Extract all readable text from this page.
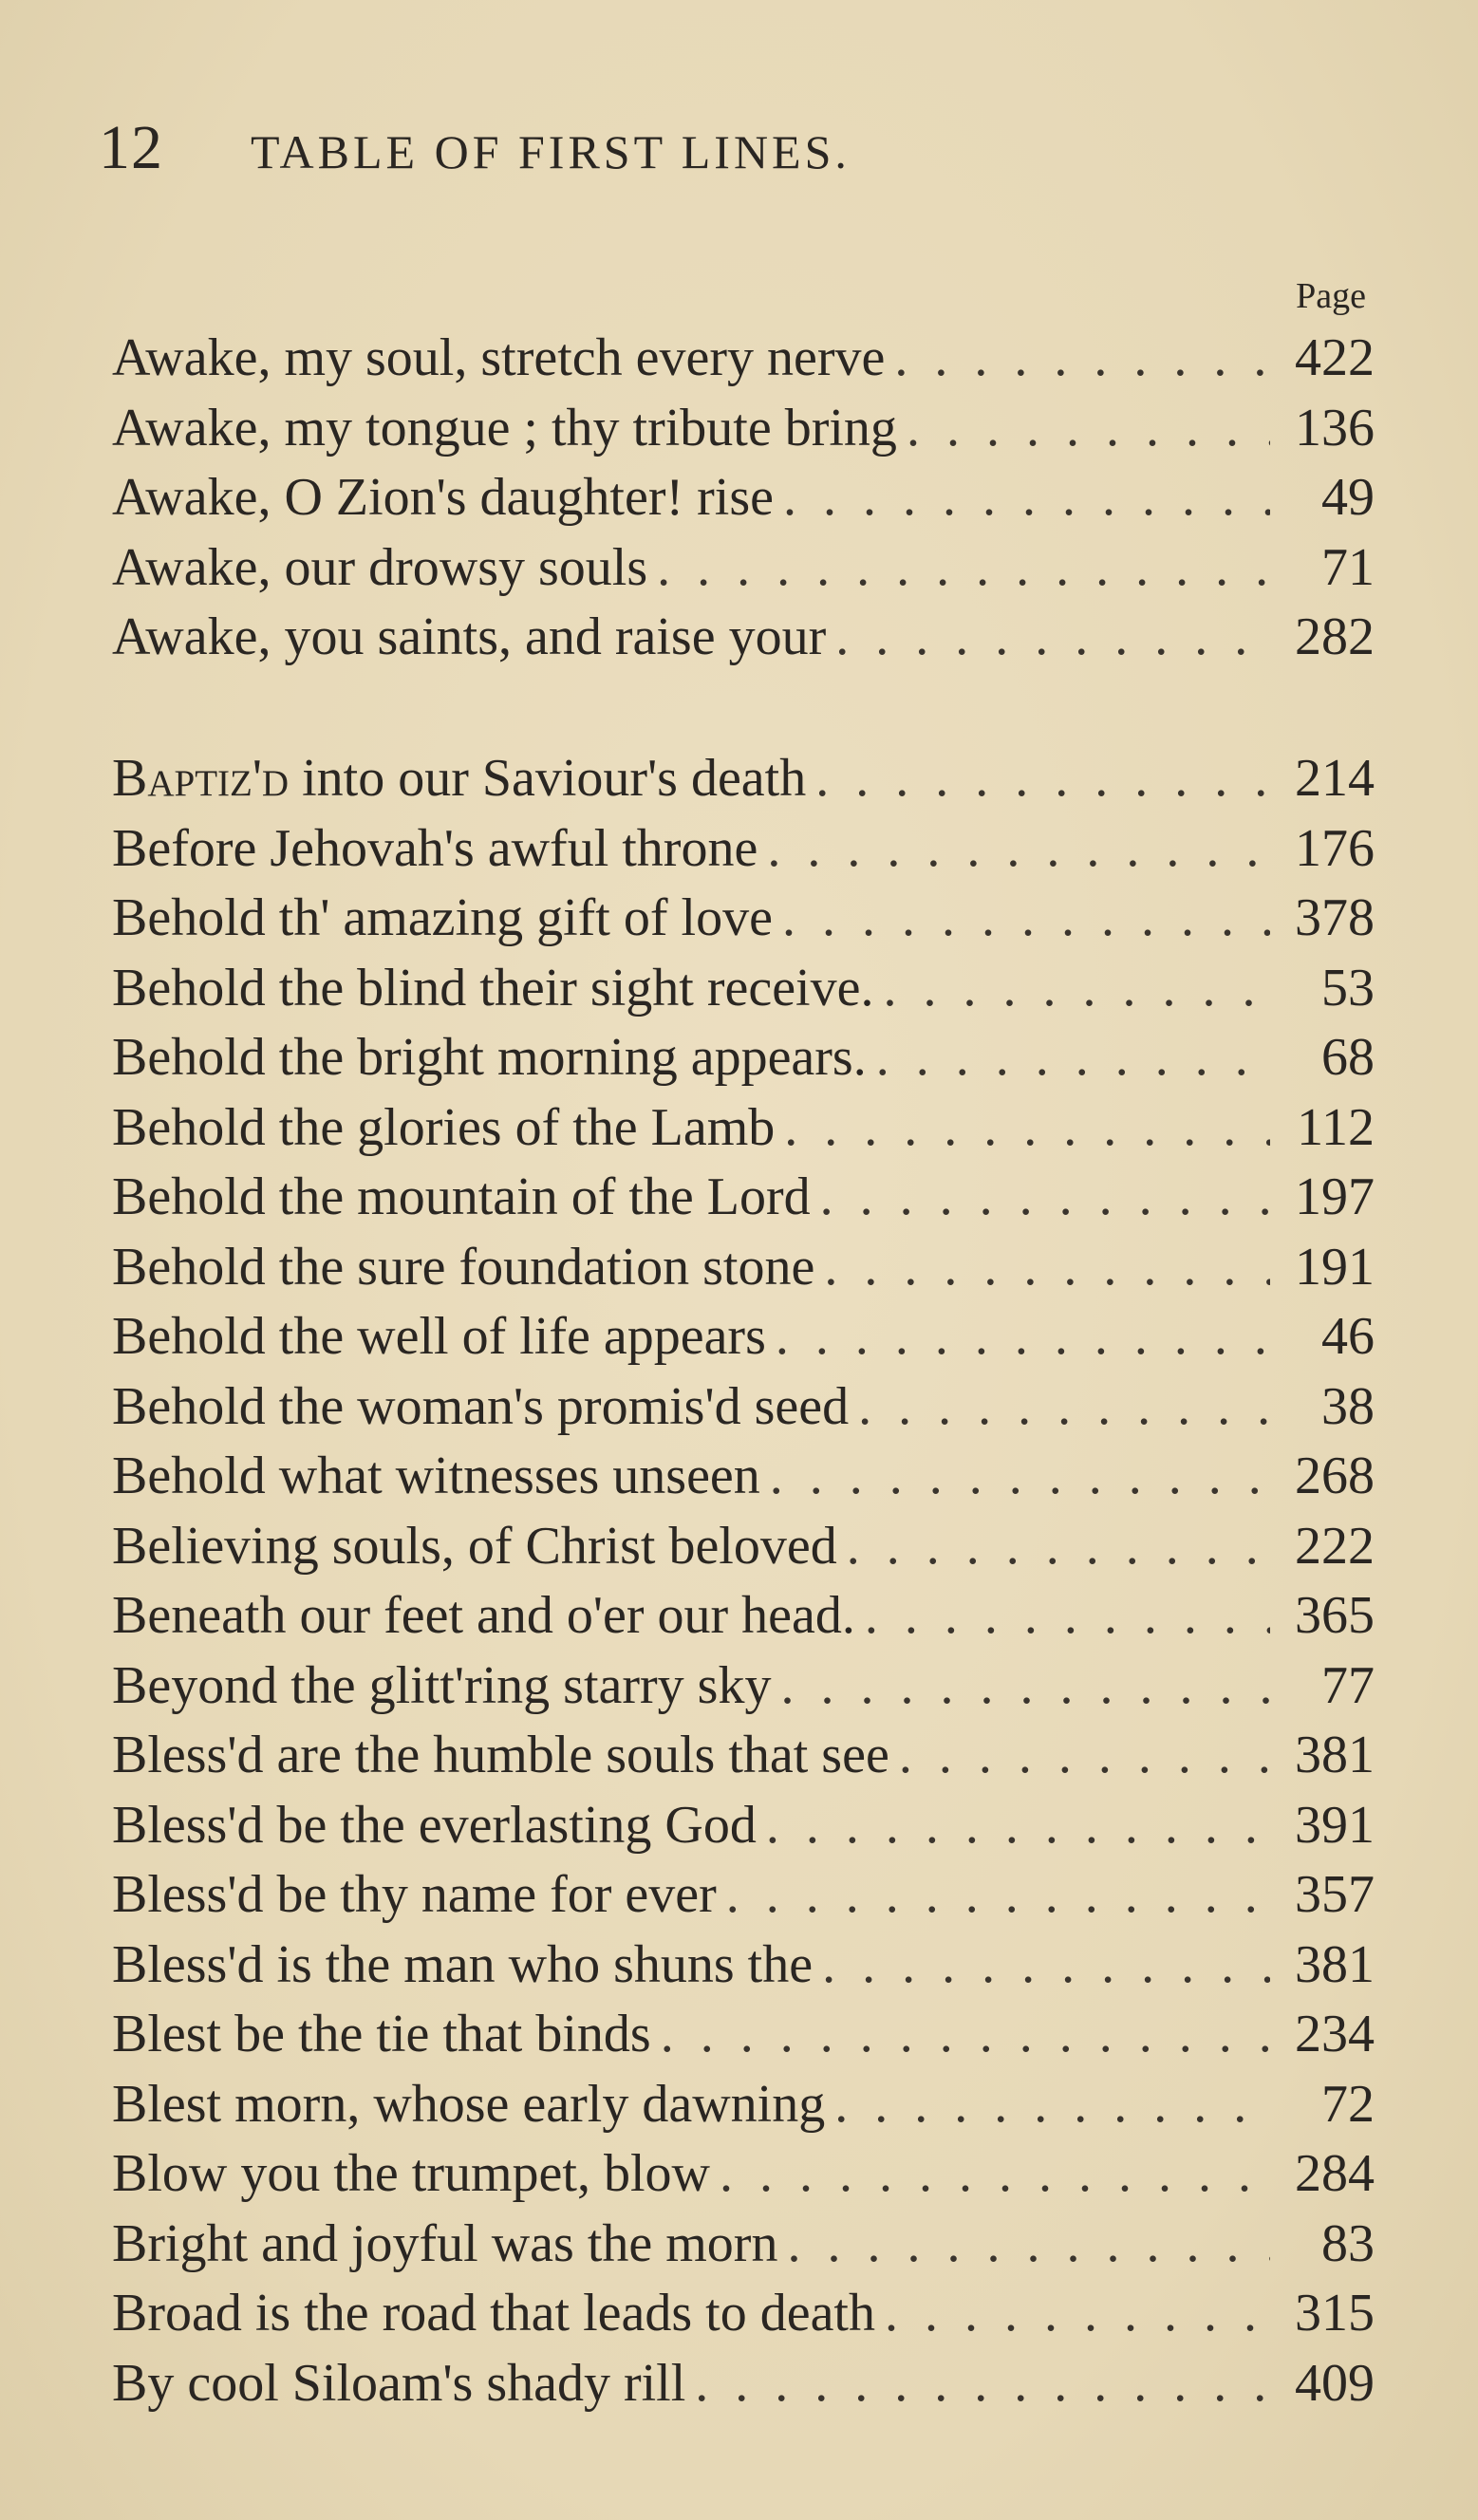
12 TABLE OF FIRST LINES.
Page
Awake, my soul, stretch every nerve . . .	422
Awake, my tongue ; thy tribute bring . . .	136
Awake, O Zion's daughter! rise . . .	49
Awake, our drowsy souls . . .	71
Awake, you saints, and raise your . . .	282
Baptiz'd into our Saviour's death . . .	214
Before Jehovah's awful throne . . .	176
Behold th' amazing gift of love . . .	378
Behold the blind their sight receive. . . .	53
Behold the bright morning appears. . . .	68
Behold the glories of the Lamb . . .	112
Behold the mountain of the Lord . . .	197
Behold the sure foundation stone . . .	191
Behold the well of life appears . . .	46
Behold the woman's promis'd seed . . .	38
Behold what witnesses unseen . . .	268
Believing souls, of Christ beloved . . .	222
Beneath our feet and o'er our head. . . .	365
Beyond the glitt'ring starry sky . . .	77
Bless'd are the humble souls that see . . .	381
Bless'd be the everlasting God . . .	391
Bless'd be thy name for ever . . .	357
Bless'd is the man who shuns the . . .	381
Blest be the tie that binds . . .	234
Blest morn, whose early dawning . . .	72
Blow you the trumpet, blow . . .	284
Bright and joyful was the morn . . .	83
Broad is the road that leads to death . . .	315
By cool Siloam's shady rill . . .	409
